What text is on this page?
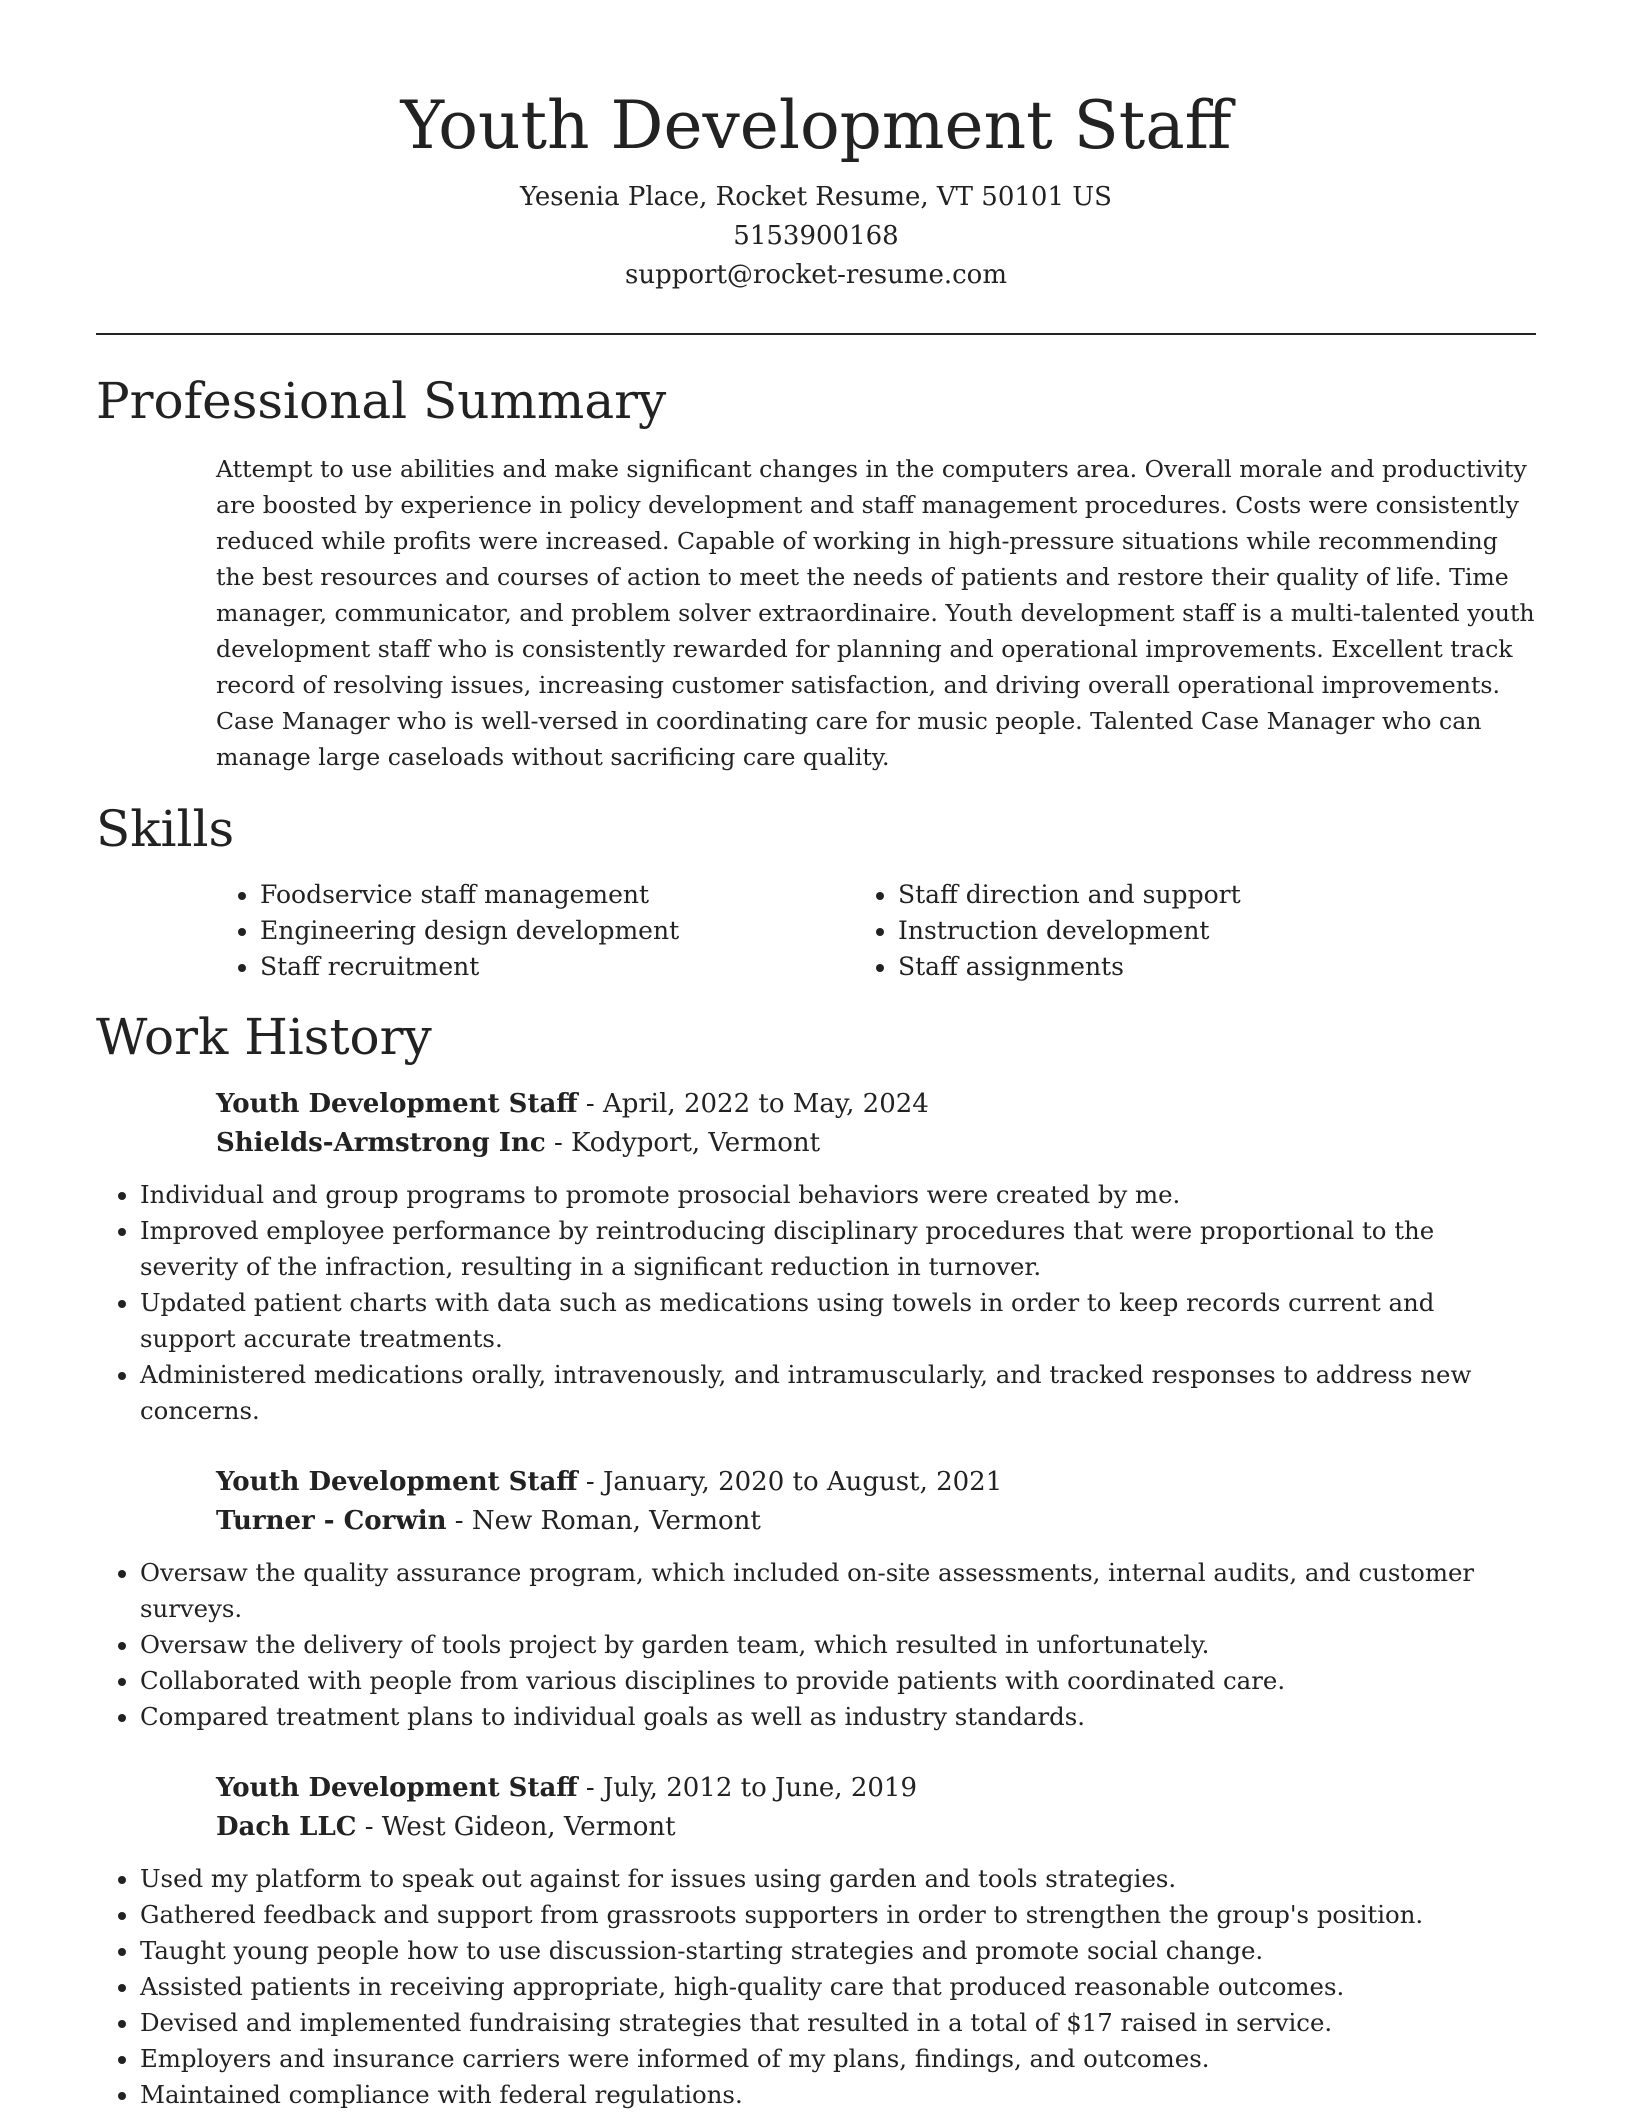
Youth Development Staff
Yesenia Place, Rocket Resume, VT 50101 US
5153900168
support@rocket-resume.com
Professional Summary
Attempt to use abilities and make significant changes in the computers area. Overall morale and productivity are boosted by experience in policy development and staff management procedures. Costs were consistently reduced while profits were increased. Capable of working in high-pressure situations while recommending the best resources and courses of action to meet the needs of patients and restore their quality of life. Time manager, communicator, and problem solver extraordinaire. Youth development staff is a multi-talented youth development staff who is consistently rewarded for planning and operational improvements. Excellent track record of resolving issues, increasing customer satisfaction, and driving overall operational improvements. Case Manager who is well-versed in coordinating care for music people. Talented Case Manager who can manage large caseloads without sacrificing care quality.
Skills
• Foodservice staff management
• Engineering design development
• Staff recruitment
• Staff direction and support
• Instruction development
• Staff assignments
Work History
Youth Development Staff - April, 2022 to May, 2024
Shields-Armstrong Inc - Kodyport, Vermont
• Individual and group programs to promote prosocial behaviors were created by me.
• Improved employee performance by reintroducing disciplinary procedures that were proportional to the severity of the infraction, resulting in a significant reduction in turnover.
• Updated patient charts with data such as medications using towels in order to keep records current and support accurate treatments.
• Administered medications orally, intravenously, and intramuscularly, and tracked responses to address new concerns.
Youth Development Staff - January, 2020 to August, 2021
Turner - Corwin - New Roman, Vermont
• Oversaw the quality assurance program, which included on-site assessments, internal audits, and customer surveys.
• Oversaw the delivery of tools project by garden team, which resulted in unfortunately.
• Collaborated with people from various disciplines to provide patients with coordinated care.
• Compared treatment plans to individual goals as well as industry standards.
Youth Development Staff - July, 2012 to June, 2019
Dach LLC - West Gideon, Vermont
• Used my platform to speak out against for issues using garden and tools strategies.
• Gathered feedback and support from grassroots supporters in order to strengthen the group's position.
• Taught young people how to use discussion-starting strategies and promote social change.
• Assisted patients in receiving appropriate, high-quality care that produced reasonable outcomes.
• Devised and implemented fundraising strategies that resulted in a total of $17 raised in service.
• Employers and insurance carriers were informed of my plans, findings, and outcomes.
• Maintained compliance with federal regulations.
